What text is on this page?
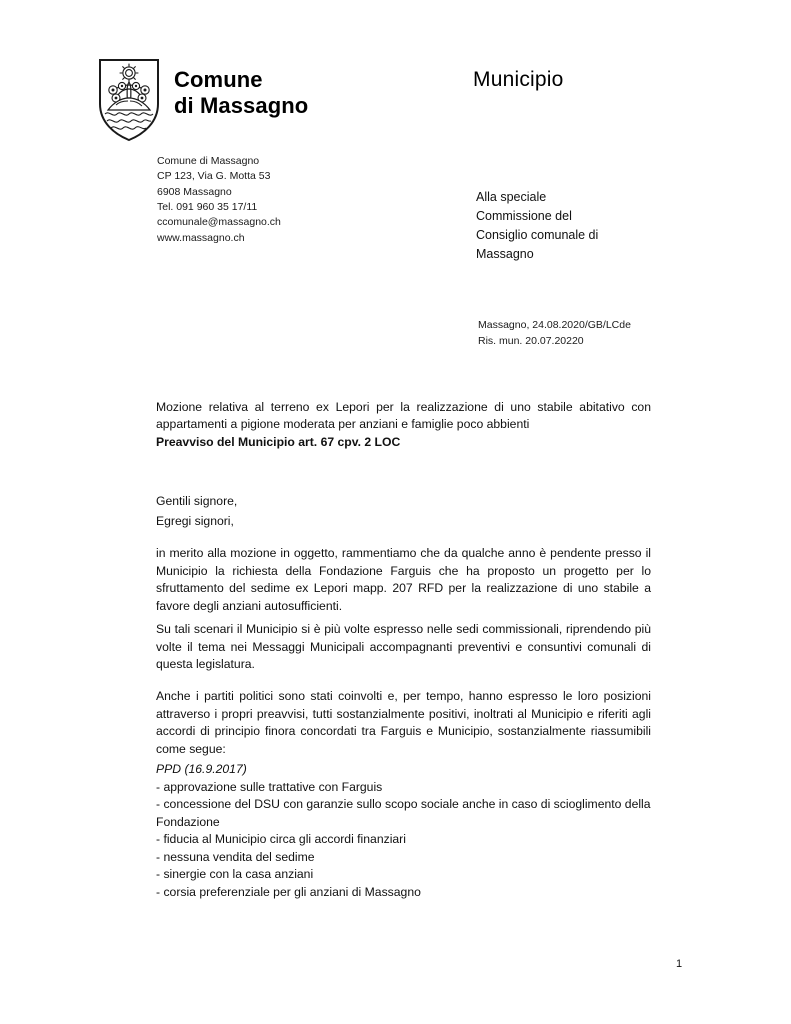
Comune
di Massagno
Municipio
Comune di Massagno
CP 123, Via G. Motta 53
6908 Massagno
Tel. 091 960 35 17/11
ccomunale@massagno.ch
www.massagno.ch
Alla speciale
Commissione del
Consiglio comunale di
Massagno
Massagno, 24.08.2020/GB/LCde
Ris. mun. 20.07.20220
Mozione relativa al terreno ex Lepori per la realizzazione di uno stabile abitativo con appartamenti a pigione moderata per anziani e famiglie poco abbienti
Preavviso del Municipio art. 67 cpv. 2 LOC
Gentili signore,
Egregi signori,
in merito alla mozione in oggetto, rammentiamo che da qualche anno è pendente presso il Municipio la richiesta della Fondazione Farguis che ha proposto un progetto per lo sfruttamento del sedime ex Lepori mapp. 207 RFD per la realizzazione di uno stabile a favore degli anziani autosufficienti.
Su tali scenari il Municipio si è più volte espresso nelle sedi commissionali, riprendendo più volte il tema nei Messaggi Municipali accompagnanti preventivi e consuntivi comunali di questa legislatura.
Anche i partiti politici sono stati coinvolti e, per tempo, hanno espresso le loro posizioni attraverso i propri preavvisi, tutti sostanzialmente positivi, inoltrati al Municipio e riferiti agli accordi di principio finora concordati tra Farguis e Municipio, sostanzialmente riassumibili come segue:
PPD (16.9.2017)
- approvazione sulle trattative con Farguis
- concessione del DSU con garanzie sullo scopo sociale anche in caso di scioglimento della Fondazione
- fiducia al Municipio circa gli accordi finanziari
- nessuna vendita del sedime
- sinergie con la casa anziani
- corsia preferenziale per gli anziani di Massagno
1
